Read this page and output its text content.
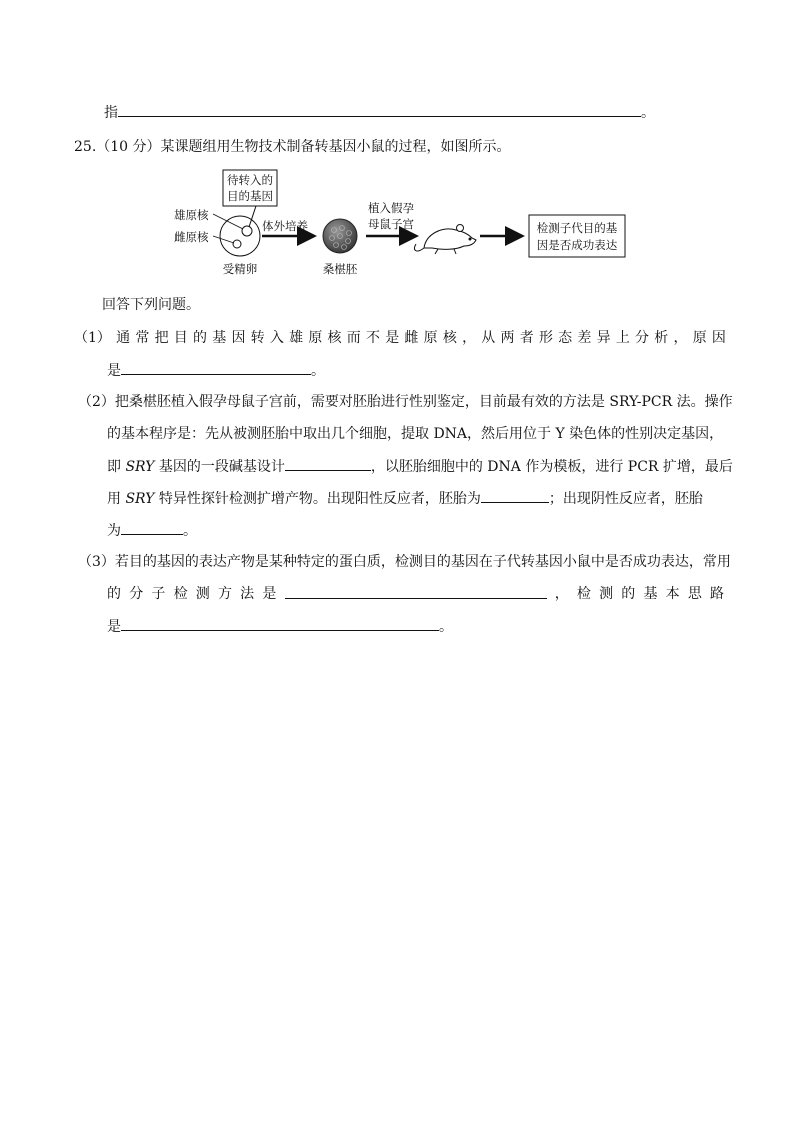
指	。
25.（10 分）某课题组用生物技术制备转基因小鼠的过程，如图所示。
待转入的
目的基因
雄原核
雌原核
受精卵
体外培养
桑椹胚
植入假孕
母鼠子宫	检测子代目的基
因是否成功表达
回答下列问题。
（1） 通 常 把 目 的 基 因 转 入 雄 原 核 而 不 是 雌 原 核 ， 从 两 者 形 态 差 异 上 分 析 ， 原 因
是	。
（2）把桑椹胚植入假孕母鼠子宫前，需要对胚胎进行性别鉴定，目前最有效的方法是 SRY-PCR 法。操作
的基本程序是：先从被测胚胎中取出几个细胞，提取 DNA，然后用位于 Y 染色体的性别决定基因，
即 SRY 基因的一段碱基设计	，以胚胎细胞中的 DNA 作为模板，进行 PCR 扩增，最后
用 SRY 特异性探针检测扩增产物。出现阳性反应者，胚胎为	；出现阴性反应者，胚胎
为	。
（3）若目的基因的表达产物是某种特定的蛋白质，检测目的基因在子代转基因小鼠中是否成功表达，常用
的 分 子 检 测 方 法 是	， 检 测 的 基 本 思 路
是	。
